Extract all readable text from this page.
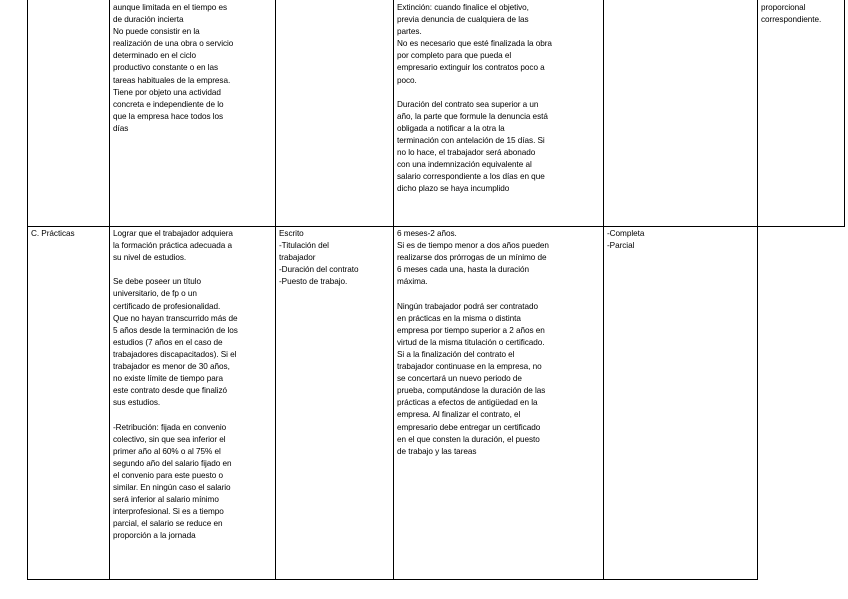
aunque limitada en el tiempo es
de duración incierta
No puede consistir en la
realización de una obra o servicio
determinado en el ciclo
productivo constante o en las
tareas habituales de la empresa.
Tiene por objeto una actividad
concreta e independiente de lo
que la empresa hace todos los
días
Extinción: cuando finalice el objetivo,
previa denuncia de cualquiera de las
partes.
No es necesario que esté finalizada la obra
por completo para que pueda el
empresario extinguir los contratos poco a
poco.
Duración del contrato sea superior a un
año, la parte que formule la denuncia está
obligada a notificar a la otra la
terminación con antelación de 15 días. Si
no lo hace, el trabajador será abonado
con una indemnización equivalente al
salario correspondiente a los días en que
dicho plazo se haya incumplido
proporcional
correspondiente.
C. Prácticas	Lograr que el trabajador adquiera
la formación práctica adecuada a
su nivel de estudios.
Se debe poseer un título
universitario, de fp o un
certificado de profesionalidad.
Que no hayan transcurrido más de
5 años desde la terminación de los
estudios (7 años en el caso de
trabajadores discapacitados). Si el
trabajador es menor de 30 años,
no existe límite de tiempo para
este contrato desde que finalizó
sus estudios.
-Retribución: fijada en convenio
colectivo, sin que sea inferior el
primer año al 60% o al 75% el
segundo año del salario fijado en
el convenio para este puesto o
similar. En ningún caso el salario
será inferior al salario mínimo
interprofesional. Si es a tiempo
parcial, el salario se reduce en
proporción a la jornada
Escrito
-Titulación del
trabajador
-Duración del contrato
-Puesto de trabajo.
6 meses-2 años.
Si es de tiempo menor a dos años pueden
realizarse dos prórrogas de un mínimo de
6 meses cada una, hasta la duración
máxima.
Ningún trabajador podrá ser contratado
en prácticas en la misma o distinta
empresa por tiempo superior a 2 años en
virtud de la misma titulación o certificado.
Si a la finalización del contrato el
trabajador continuase en la empresa, no
se concertará un nuevo periodo de
prueba, computándose la duración de las
prácticas a efectos de antigüedad en la
empresa. Al finalizar el contrato, el
empresario debe entregar un certificado
en el que consten la duración, el puesto
de trabajo y las tareas
-Completa
-Parcial
